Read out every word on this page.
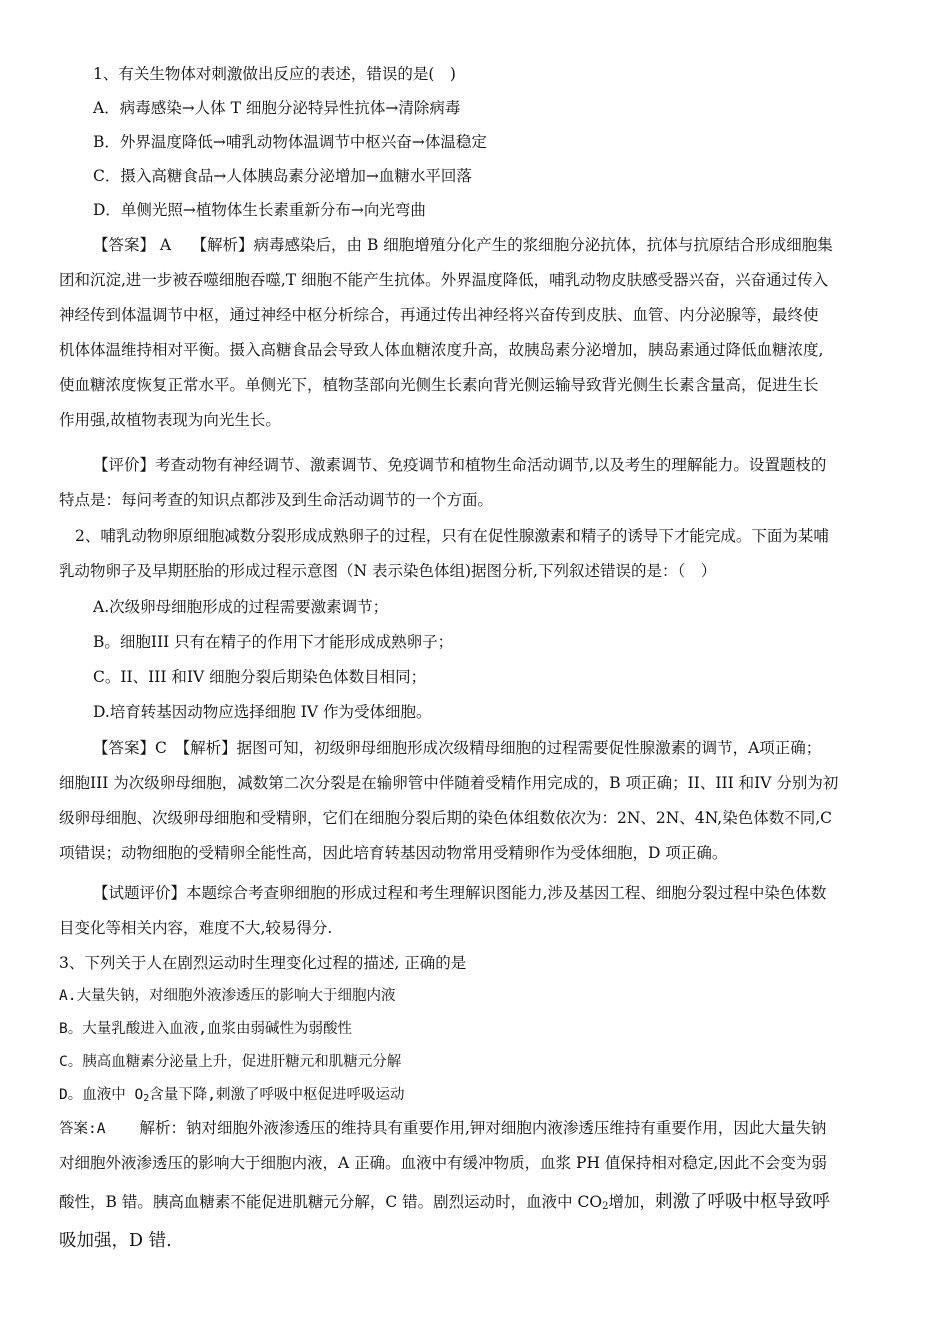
1、有关生物体对刺激做出反应的表述，错误的是(　)
A．病毒感染→人体 T 细胞分泌特异性抗体→清除病毒
B．外界温度降低→哺乳动物体温调节中枢兴奋→体温稳定
C．摄入高糖食品→人体胰岛素分泌增加→血糖水平回落
D．单侧光照→植物体生长素重新分布→向光弯曲
【答案】 A　 【解析】病毒感染后，由 B 细胞增殖分化产生的浆细胞分泌抗体，抗体与抗原结合形成细胞集
团和沉淀,进一步被吞噬细胞吞噬,T 细胞不能产生抗体。外界温度降低，哺乳动物皮肤感受器兴奋，兴奋通过传入
神经传到体温调节中枢，通过神经中枢分析综合，再通过传出神经将兴奋传到皮肤、血管、内分泌腺等，最终使
机体体温维持相对平衡。摄入高糖食品会导致人体血糖浓度升高，故胰岛素分泌增加，胰岛素通过降低血糖浓度,
使血糖浓度恢复正常水平。单侧光下，植物茎部向光侧生长素向背光侧运输导致背光侧生长素含量高，促进生长
作用强,故植物表现为向光生长。
【评价】考查动物有神经调节、激素调节、免疫调节和植物生命活动调节,以及考生的理解能力。设置题枝的
特点是：每问考查的知识点都涉及到生命活动调节的一个方面。
2、哺乳动物卵原细胞减数分裂形成成熟卵子的过程，只有在促性腺激素和精子的诱导下才能完成。下面为某哺
乳动物卵子及早期胚胎的形成过程示意图（N 表示染色体组)据图分析,下列叙述错误的是：（　）
A.次级卵母细胞形成的过程需要激素调节；
B。细胞III 只有在精子的作用下才能形成成熟卵子；
C。II、III 和IV 细胞分裂后期染色体数目相同；
D.培育转基因动物应选择细胞 IV 作为受体细胞。
【答案】C　【解析】据图可知，初级卵母细胞形成次级精母细胞的过程需要促性腺激素的调节，A项正确；
细胞III 为次级卵母细胞，减数第二次分裂是在输卵管中伴随着受精作用完成的，B 项正确；II、III 和IV 分别为初
级卵母细胞、次级卵母细胞和受精卵，它们在细胞分裂后期的染色体组数依次为：2N、2N、4N,染色体数不同,C
项错误；动物细胞的受精卵全能性高，因此培育转基因动物常用受精卵作为受体细胞，D 项正确。
【试题评价】本题综合考查卵细胞的形成过程和考生理解识图能力,涉及基因工程、细胞分裂过程中染色体数
目变化等相关内容，难度不大,较易得分.
3、下列关于人在剧烈运动时生理变化过程的描述, 正确的是
A.大量失钠，对细胞外液渗透压的影响大于细胞内液
B。大量乳酸进入血液,血浆由弱碱性为弱酸性
C。胰高血糖素分泌量上升，促进肝糖元和肌糖元分解
D。血液中 $O_2$含量下降,刺激了呼吸中枢促进呼吸运动
答案:A 解析：钠对细胞外液渗透压的维持具有重要作用,钾对细胞内液渗透压维持有重要作用，因此大量失钠
对细胞外液渗透压的影响大于细胞内液，A 正确。血液中有缓冲物质，血浆 PH 值保持相对稳定,因此不会变为弱
酸性，B 错。胰高血糖素不能促进肌糖元分解，C 错。剧烈运动时，血液中 $CO_2$增加，刺激了呼吸中枢导致呼
吸加强，D 错.
